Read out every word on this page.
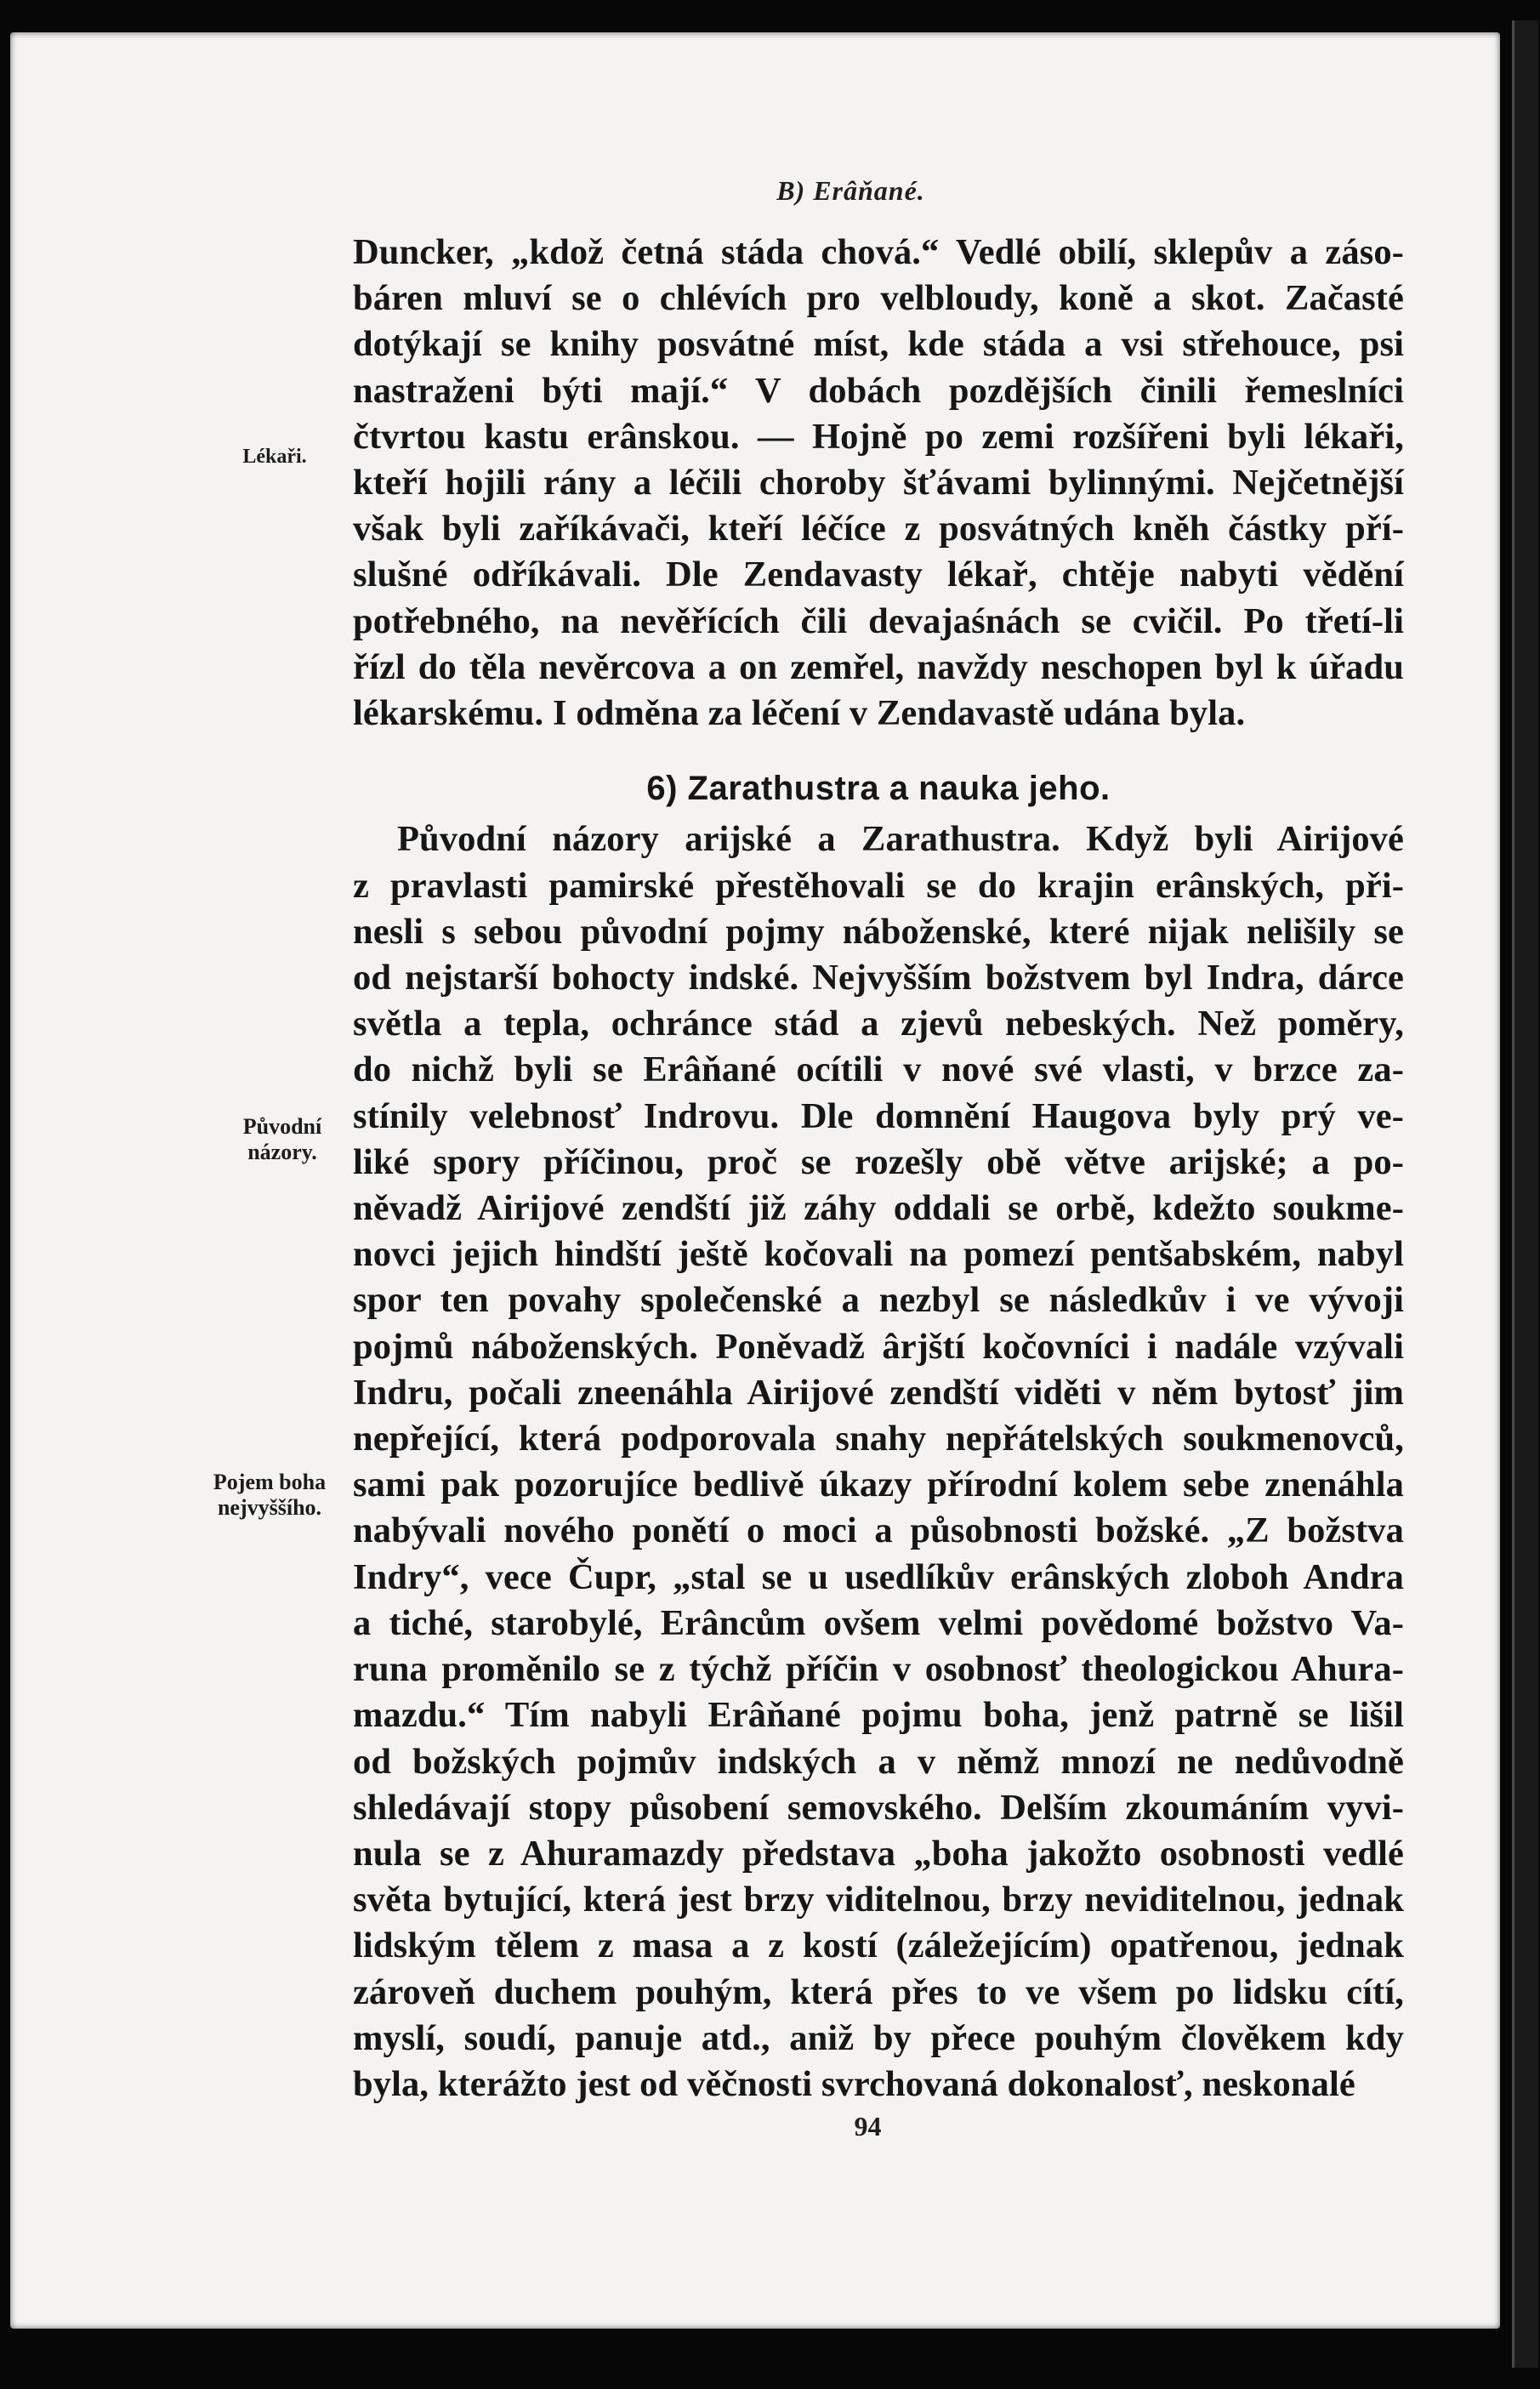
B) Erâňané.
Lékaři.
Původní
názory.
Pojem boha
nejvyššího.
Duncker, „kdož četná stáda chová.“ Vedlé obilí, sklepův a záso-
báren mluví se o chlévích pro velbloudy, koně a skot. Začasté
dotýkají se knihy posvátné míst, kde stáda a vsi střehouce, psi
nastraženi býti mají.“ V dobách pozdějších činili řemeslníci
čtvrtou kastu erânskou. — Hojně po zemi rozšířeni byli lékaři,
kteří hojili rány a léčili choroby šťávami bylinnými. Nejčetnější
však byli zaříkávači, kteří léčíce z posvátných kněh částky pří-
slušné odříkávali. Dle Zendavasty lékař, chtěje nabyti vědění
potřebného, na nevěřících čili devajaśnách se cvičil. Po třetí-li
řízl do těla nevěrcova a on zemřel, navždy neschopen byl k úřadu
lékarskému. I odměna za léčení v Zendavastě udána byla.
6) Zarathustra a nauka jeho.
Původní názory arijské a Zarathustra. Když byli Airijové
z pravlasti pamirské přestěhovali se do krajin erânských, při-
nesli s sebou původní pojmy náboženské, které nijak nelišily se
od nejstarší bohocty indské. Nejvyšším božstvem byl Indra, dárce
světla a tepla, ochránce stád a zjevů nebeských. Než poměry,
do nichž byli se Erâňané ocítili v nové své vlasti, v brzce za-
stínily velebnosť Indrovu. Dle domnění Haugova byly prý ve-
liké spory příčinou, proč se rozešly obě větve arijské; a po-
něvadž Airijové zendští již záhy oddali se orbě, kdežto soukme-
novci jejich hindští ještě kočovali na pomezí pentšabském, nabyl
spor ten povahy společenské a nezbyl se následkův i ve vývoji
pojmů náboženských. Poněvadž ârjští kočovníci i nadále vzývali
Indru, počali zneenáhla Airijové zendští viděti v něm bytosť jim
nepřející, která podporovala snahy nepřátelských soukmenovců,
sami pak pozorujíce bedlivě úkazy přírodní kolem sebe znenáhla
nabývali nového ponětí o moci a působnosti božské. „Z božstva
Indry“, vece Čupr, „stal se u usedlíkův erânských zloboh Andra
a tiché, starobylé, Erâncům ovšem velmi povědomé božstvo Va-
runa proměnilo se z týchž příčin v osobnosť theologickou Ahura-
mazdu.“ Tím nabyli Erâňané pojmu boha, jenž patrně se lišil
od božských pojmův indských a v němž mnozí ne nedůvodně
shledávají stopy působení semovského. Delším zkoumáním vyvi-
nula se z Ahuramazdy představa „boha jakožto osobnosti vedlé
světa bytující, která jest brzy viditelnou, brzy neviditelnou, jednak
lidským tělem z masa a z kostí (záležejícím) opatřenou, jednak
zároveň duchem pouhým, která přes to ve všem po lidsku cítí,
myslí, soudí, panuje atd., aniž by přece pouhým člověkem kdy
byla, kterážto jest od věčnosti svrchovaná dokonalosť, neskonalé
94
